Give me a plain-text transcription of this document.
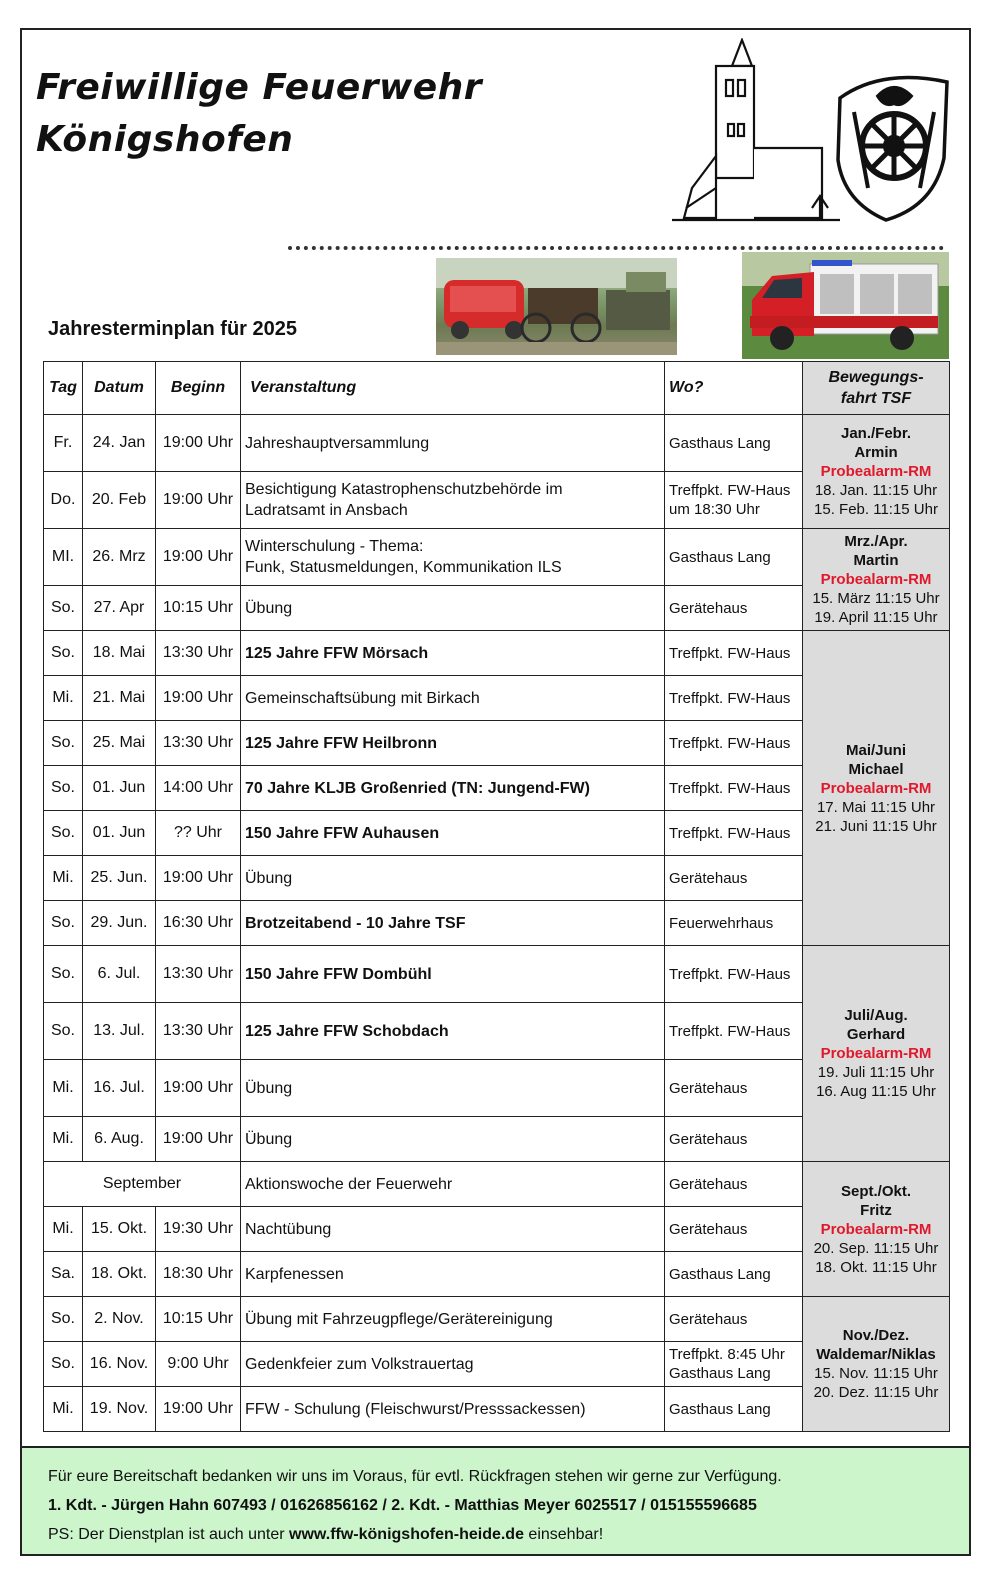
Freiwillige Feuerwehr
Königshofen
Jahresterminplan für 2025
Tag	Datum	Beginn	Veranstaltung	Wo?	Bewegungs-
fahrt TSF
Fr.	24. Jan	19:00 Uhr	Jahreshauptversammlung	Gasthaus Lang	Jan./Febr.
Armin
Probealarm-RM
18. Jan. 11:15 Uhr
15. Feb. 11:15 Uhr
Do.	20. Feb	19:00 Uhr	Besichtigung Katastrophenschutzbehörde im
Ladratsamt in Ansbach	Treffpkt. FW-Haus
um 18:30 Uhr	
MI.	26. Mrz	19:00 Uhr	Winterschulung - Thema:
Funk, Statusmeldungen, Kommunikation ILS	Gasthaus Lang	Mrz./Apr.
Martin
Probealarm-RM
15. März 11:15 Uhr
19. April 11:15 Uhr
So.	27. Apr	10:15 Uhr	Übung	Gerätehaus	
So.	18. Mai	13:30 Uhr	125 Jahre FFW Mörsach	Treffpkt. FW-Haus	Mai/Juni
Michael
Probealarm-RM
17. Mai 11:15 Uhr
21. Juni 11:15 Uhr
Mi.	21. Mai	19:00 Uhr	Gemeinschaftsübung mit Birkach	Treffpkt. FW-Haus	
So.	25. Mai	13:30 Uhr	125 Jahre FFW Heilbronn	Treffpkt. FW-Haus	
So.	01. Jun	14:00 Uhr	70 Jahre KLJB Großenried (TN: Jungend-FW)	Treffpkt. FW-Haus	
So.	01. Jun	?? Uhr	150 Jahre FFW Auhausen	Treffpkt. FW-Haus	
Mi.	25. Jun.	19:00 Uhr	Übung	Gerätehaus	
So.	29. Jun.	16:30 Uhr	Brotzeitabend - 10 Jahre TSF	Feuerwehrhaus	
So.	6. Jul.	13:30 Uhr	150 Jahre FFW Dombühl	Treffpkt. FW-Haus	Juli/Aug.
Gerhard
Probealarm-RM
19. Juli 11:15 Uhr
16. Aug 11:15 Uhr
So.	13. Jul.	13:30 Uhr	125 Jahre FFW Schobdach	Treffpkt. FW-Haus	
Mi.	16. Jul.	19:00 Uhr	Übung	Gerätehaus	
Mi.	6. Aug.	19:00 Uhr	Übung	Gerätehaus	
September			Aktionswoche der Feuerwehr	Gerätehaus	Sept./Okt.
Fritz
Probealarm-RM
20. Sep. 11:15 Uhr
18. Okt. 11:15 Uhr
Mi.	15. Okt.	19:30 Uhr	Nachtübung	Gerätehaus	
Sa.	18. Okt.	18:30 Uhr	Karpfenessen	Gasthaus Lang	
So.	2. Nov.	10:15 Uhr	Übung mit Fahrzeugpflege/Gerätereinigung	Gerätehaus	Nov./Dez.
Waldemar/Niklas
15. Nov. 11:15 Uhr
20. Dez. 11:15 Uhr
So.	16. Nov.	9:00 Uhr	Gedenkfeier zum Volkstrauertag	Treffpkt. 8:45 Uhr
Gasthaus Lang	
Mi.	19. Nov.	19:00 Uhr	FFW - Schulung (Fleischwurst/Presssackessen)	Gasthaus Lang	
Für eure Bereitschaft bedanken wir uns im Voraus, für evtl. Rückfragen stehen wir gerne zur Verfügung.
1. Kdt. - Jürgen Hahn 607493 / 01626856162 / 2. Kdt. - Matthias Meyer 6025517 / 015155596685
PS: Der Dienstplan ist auch unter www.ffw-königshofen-heide.de einsehbar!
